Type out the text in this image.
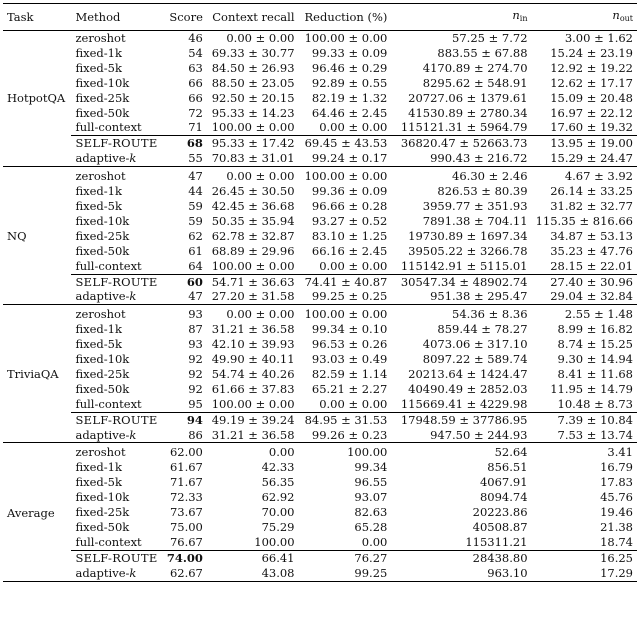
Task	Method	Score	Context recall	Reduction (%)	$n_{in}$	$n_{out}$
HotpotQA	zeroshot	46	0.00 ± 0.00	100.00 ± 0.00	57.25 ± 7.72	3.00 ± 1.62
	fixed-1k	54	69.33 ± 30.77	99.33 ± 0.09	883.55 ± 67.88	15.24 ± 23.19
	fixed-5k	63	84.50 ± 26.93	96.46 ± 0.29	4170.89 ± 274.70	12.92 ± 19.22
	fixed-10k	66	88.50 ± 23.05	92.89 ± 0.55	8295.62 ± 548.91	12.62 ± 17.17
	fixed-25k	66	92.50 ± 20.15	82.19 ± 1.32	20727.06 ± 1379.61	15.09 ± 20.48
	fixed-50k	72	95.33 ± 14.23	64.46 ± 2.45	41530.89 ± 2780.34	16.97 ± 22.12
	full-context	71	100.00 ± 0.00	0.00 ± 0.00	115121.31 ± 5964.79	17.60 ± 19.32
	SELF-ROUTE	68	95.33 ± 17.42	69.45 ± 43.53	36820.47 ± 52663.73	13.95 ± 19.00
	adaptive-k	55	70.83 ± 31.01	99.24 ± 0.17	990.43 ± 216.72	15.29 ± 24.47
NQ	zeroshot	47	0.00 ± 0.00	100.00 ± 0.00	46.30 ± 2.46	4.67 ± 3.92
	fixed-1k	44	26.45 ± 30.50	99.36 ± 0.09	826.53 ± 80.39	26.14 ± 33.25
	fixed-5k	59	42.45 ± 36.68	96.66 ± 0.28	3959.77 ± 351.93	31.82 ± 32.77
	fixed-10k	59	50.35 ± 35.94	93.27 ± 0.52	7891.38 ± 704.11	115.35 ± 816.66
	fixed-25k	62	62.78 ± 32.87	83.10 ± 1.25	19730.89 ± 1697.34	34.87 ± 53.13
	fixed-50k	61	68.89 ± 29.96	66.16 ± 2.45	39505.22 ± 3266.78	35.23 ± 47.76
	full-context	64	100.00 ± 0.00	0.00 ± 0.00	115142.91 ± 5115.01	28.15 ± 22.01
	SELF-ROUTE	60	54.71 ± 36.63	74.41 ± 40.87	30547.34 ± 48902.74	27.40 ± 30.96
	adaptive-k	47	27.20 ± 31.58	99.25 ± 0.25	951.38 ± 295.47	29.04 ± 32.84
TriviaQA	zeroshot	93	0.00 ± 0.00	100.00 ± 0.00	54.36 ± 8.36	2.55 ± 1.48
	fixed-1k	87	31.21 ± 36.58	99.34 ± 0.10	859.44 ± 78.27	8.99 ± 16.82
	fixed-5k	93	42.10 ± 39.93	96.53 ± 0.26	4073.06 ± 317.10	8.74 ± 15.25
	fixed-10k	92	49.90 ± 40.11	93.03 ± 0.49	8097.22 ± 589.74	9.30 ± 14.94
	fixed-25k	92	54.74 ± 40.26	82.59 ± 1.14	20213.64 ± 1424.47	8.41 ± 11.68
	fixed-50k	92	61.66 ± 37.83	65.21 ± 2.27	40490.49 ± 2852.03	11.95 ± 14.79
	full-context	95	100.00 ± 0.00	0.00 ± 0.00	115669.41 ± 4229.98	10.48 ± 8.73
	SELF-ROUTE	94	49.19 ± 39.24	84.95 ± 31.53	17948.59 ± 37786.95	7.39 ± 10.84
	adaptive-k	86	31.21 ± 36.58	99.26 ± 0.23	947.50 ± 244.93	7.53 ± 13.74
Average	zeroshot	62.00	0.00	100.00	52.64	3.41
	fixed-1k	61.67	42.33	99.34	856.51	16.79
	fixed-5k	71.67	56.35	96.55	4067.91	17.83
	fixed-10k	72.33	62.92	93.07	8094.74	45.76
	fixed-25k	73.67	70.00	82.63	20223.86	19.46
	fixed-50k	75.00	75.29	65.28	40508.87	21.38
	full-context	76.67	100.00	0.00	115311.21	18.74
	SELF-ROUTE	74.00	66.41	76.27	28438.80	16.25
	adaptive-k	62.67	43.08	99.25	963.10	17.29
